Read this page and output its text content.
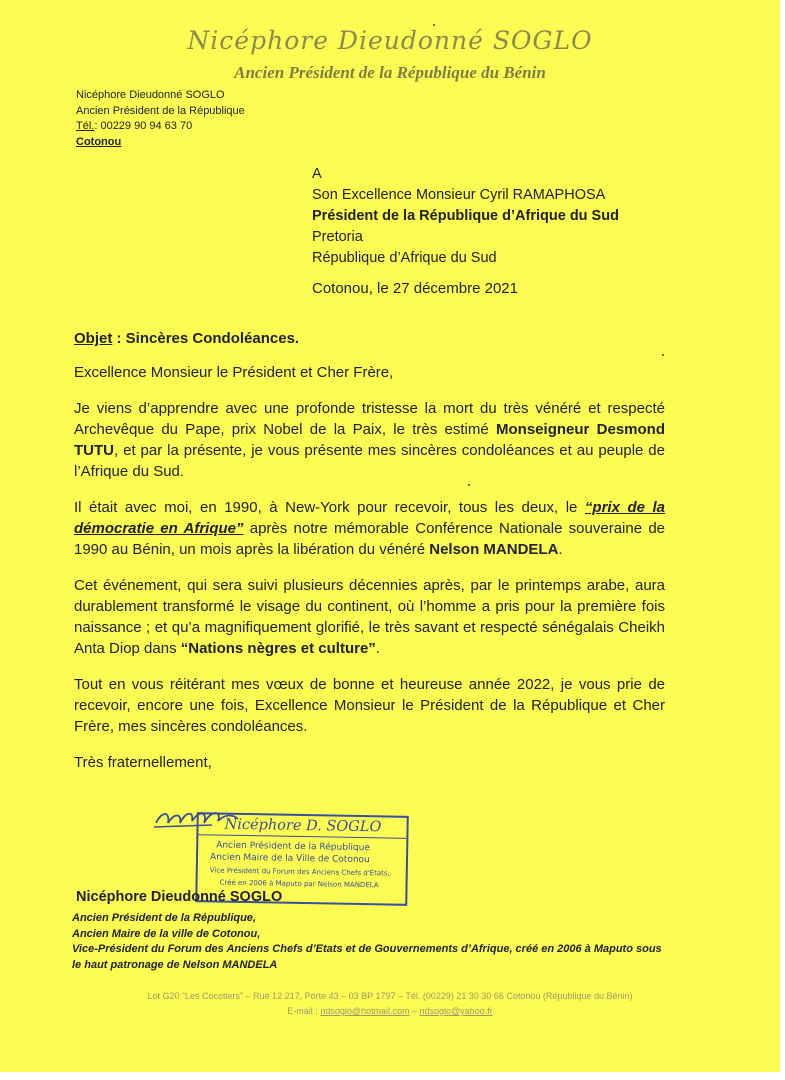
Nicéphore Dieudonné SOGLO
Ancien Président de la République du Bénin
Nicéphore Dieudonné SOGLO
Ancien Président de la République
Tél.: 00229 90 94 63 70
Cotonou
A
Son Excellence Monsieur Cyril RAMAPHOSA
Président de la République d’Afrique du Sud
Pretoria
République d’Afrique du Sud
Cotonou, le 27 décembre 2021

Objet : Sincères Condoléances.

Excellence Monsieur le Président et Cher Frère,

Je viens d’apprendre avec une profonde tristesse la mort du très vénéré et respecté Archevêque du Pape, prix Nobel de la Paix, le très estimé Monseigneur Desmond TUTU, et par la présente, je vous présente mes sincères condoléances et au peuple de l’Afrique du Sud.

Il était avec moi, en 1990, à New-York pour recevoir, tous les deux, le “prix de la démocratie en Afrique” après notre mémorable Conférence Nationale souveraine de 1990 au Bénin, un mois après la libération du vénéré Nelson MANDELA.

Cet événement, qui sera suivi plusieurs décennies après, par le printemps arabe, aura durablement transformé le visage du continent, où l’homme a pris pour la première fois naissance ; et qu’a magnifiquement glorifié, le très savant et respecté sénégalais Cheikh Anta Diop dans “Nations nègres et culture”.

Tout en vous réitérant mes vœux de bonne et heureuse année 2022, je vous prie de recevoir, encore une fois, Excellence Monsieur le Président de la République et Cher Frère, mes sincères condoléances.

Très fraternellement,

Nicéphore D. SOGLO
Ancien Président de la République
Ancien Maire de la Ville de Cotonou
Vice Président du Forum des Anciens Chefs d'Etats,
Créé en 2006 à Maputo par Nelson MANDELA
Nicéphore Dieudonné SOGLO
Ancien Président de la République,
Ancien Maire de la ville de Cotonou,
Vice-Président du Forum des Anciens Chefs d’Etats et de Gouvernements d’Afrique, créé en 2006 à Maputo sous le haut patronage de Nelson MANDELA
Lot G20 “Les Cocotiers” – Rue 12.217, Porte 43 – 03 BP 1797 – Tél. (00229) 21 30 30 66 Cotonou (République du Bénin)
E-mail : ndsoglo@hotmail.com – ndsoglo@yahoo.fr
